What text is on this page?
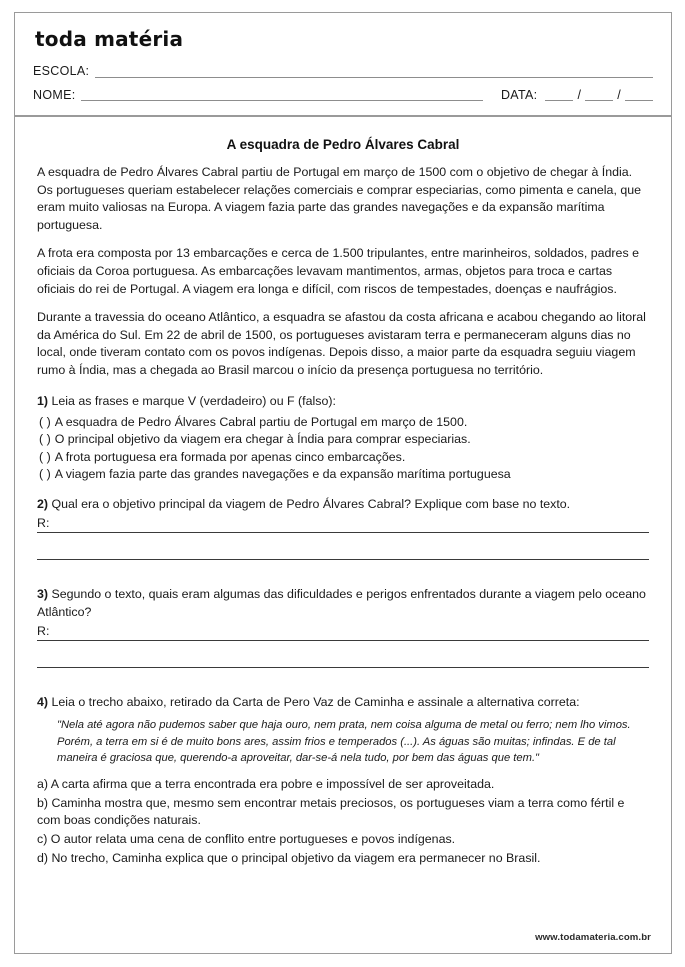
toda matéria
ESCOLA:
NOME:	DATA:	/	/
A esquadra de Pedro Álvares Cabral

A esquadra de Pedro Álvares Cabral partiu de Portugal em março de 1500 com o objetivo de chegar à Índia. Os portugueses queriam estabelecer relações comerciais e comprar especiarias, como pimenta e canela, que eram muito valiosas na Europa. A viagem fazia parte das grandes navegações e da expansão marítima portuguesa.

A frota era composta por 13 embarcações e cerca de 1.500 tripulantes, entre marinheiros, soldados, padres e oficiais da Coroa portuguesa. As embarcações levavam mantimentos, armas, objetos para troca e cartas oficiais do rei de Portugal. A viagem era longa e difícil, com riscos de tempestades, doenças e naufrágios.

Durante a travessia do oceano Atlântico, a esquadra se afastou da costa africana e acabou chegando ao litoral da América do Sul. Em 22 de abril de 1500, os portugueses avistaram terra e permaneceram alguns dias no local, onde tiveram contato com os povos indígenas. Depois disso, a maior parte da esquadra seguiu viagem rumo à Índia, mas a chegada ao Brasil marcou o início da presença portuguesa no território.

1) Leia as frases e marque V (verdadeiro) ou F (falso):
( ) A esquadra de Pedro Álvares Cabral partiu de Portugal em março de 1500.
( ) O principal objetivo da viagem era chegar à Índia para comprar especiarias.
( ) A frota portuguesa era formada por apenas cinco embarcações.
( ) A viagem fazia parte das grandes navegações e da expansão marítima portuguesa
2) Qual era o objetivo principal da viagem de Pedro Álvares Cabral? Explique com base no texto.
R:
3) Segundo o texto, quais eram algumas das dificuldades e perigos enfrentados durante a viagem pelo oceano Atlântico?
R:
4) Leia o trecho abaixo, retirado da Carta de Pero Vaz de Caminha e assinale a alternativa correta:
"Nela até agora não pudemos saber que haja ouro, nem prata, nem coisa alguma de metal ou ferro; nem lho vimos. Porém, a terra em si é de muito bons ares, assim frios e temperados (...). As águas são muitas; infindas. E de tal maneira é graciosa que, querendo-a aproveitar, dar-se-á nela tudo, por bem das águas que tem."
a) A carta afirma que a terra encontrada era pobre e impossível de ser aproveitada.
b) Caminha mostra que, mesmo sem encontrar metais preciosos, os portugueses viam a terra como fértil e com boas condições naturais.
c) O autor relata uma cena de conflito entre portugueses e povos indígenas.
d) No trecho, Caminha explica que o principal objetivo da viagem era permanecer no Brasil.
www.todamateria.com.br
